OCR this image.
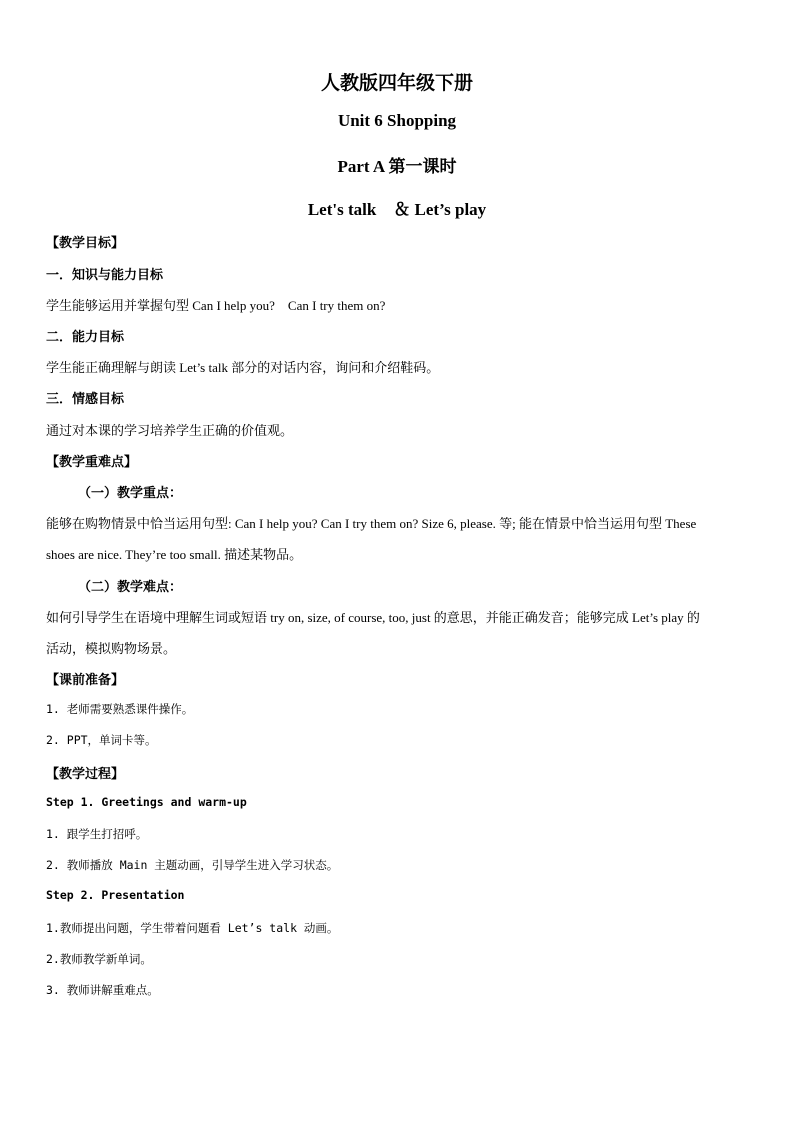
人教版四年级下册
Unit 6 Shopping
Part A 第一课时
Let's talk　＆ Let’s play
【教学目标】
一．知识与能力目标
学生能够运用并掌握句型 Can I help you?　Can I try them on?
二．能力目标
学生能正确理解与朗读 Let’s talk 部分的对话内容，询问和介绍鞋码。
三．情感目标
通过对本课的学习培养学生正确的价值观。
【教学重难点】
（一）教学重点：
能够在购物情景中恰当运用句型: Can I help you? Can I try them on? Size 6, please. 等; 能在情景中恰当运用句型 These
shoes are nice. They’re too small. 描述某物品。
（二）教学难点：
如何引导学生在语境中理解生词或短语 try on, size, of course, too, just 的意思，并能正确发音；能够完成 Let’s play 的
活动，模拟购物场景。
【课前准备】
1. 老师需要熟悉课件操作。
2. PPT，单词卡等。
【教学过程】
Step 1. Greetings and warm-up
1. 跟学生打招呼。
2. 教师播放 Main 主题动画，引导学生进入学习状态。
Step 2. Presentation
1.教师提出问题，学生带着问题看 Let’s talk 动画。
2.教师教学新单词。
3. 教师讲解重难点。
